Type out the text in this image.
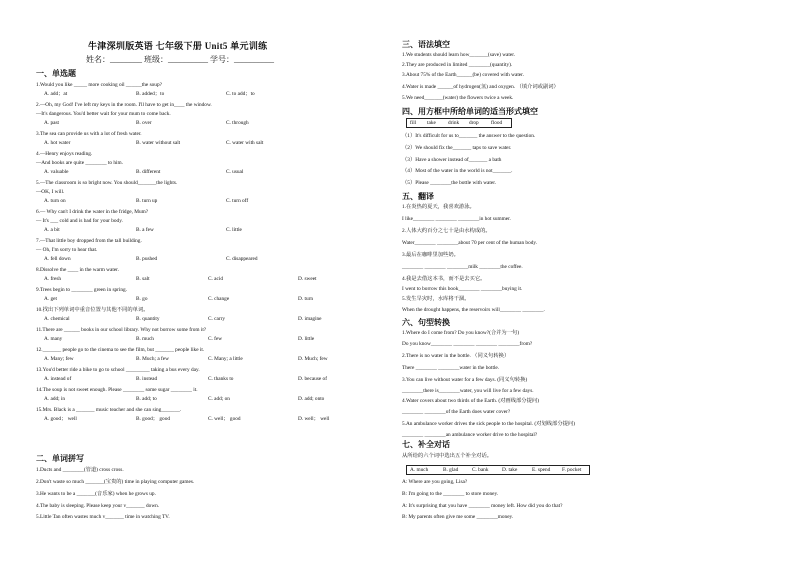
牛津深圳版英语 七年级下册 Unit5 单元训练
姓名：________ 班级：__________ 学号：__________
一、单选题
1.Would you like _____ more cooking oil ______the soup?
A. add；at	B. added；to	C. to add；to
2.—Oh, my God! I've left my keys in the room. I'll have to get in____ the window.
—It's dangerous. You'd better wait for your mum to come back.
A. past	B. over	C. through
3.The sea can provide us with a lot of fresh water.
A. hot water	B. water without salt	C. water with salt
4.—Henry enjoys reading.
—And books are quite ________ to him.
A. valuable	B. different	C. usual
5.—The classroom is so bright now. You should_______the lights.
—OK, I will.
A. turn on	B. turn up	C. turn off
6.— Why can't I drink the water in the fridge, Mum?
— It's ___ cold and is bad for your body.
A. a bit	B. a few	C. little
7.—That little boy dropped from the tall building.
— Oh, I'm sorry to hear that.
A. fell down	B. pushed	C. disappeared
8.Dissolve the ____ in the warm water.
A. fresh	B. salt	C. acid	D. sweet
9.Trees begin to ________ green in spring.
A. get	B. go	C. change	D. turn
10.找出下列单词中重音位置与其他不同的单词。
A. chemical	B. quantity	C. carry	D. imagine
11.There are ______ books in our school library. Why not borrow some from it?
A. many	B. much	C. few	D. little
12._______ people go to the cinema to see the film, but _______ people like it.
A. Many; few	B. Much; a few	C. Many; a little	D. Much; few
13.You'd better ride a bike to go to school _________ taking a bus every day.
A. instead of	B. instead	C. thanks to	D. because of
14.The soup is not sweet enough. Please ________ some sugar ________ it.
A. add; in	B. add; to	C. add; on	D. add; onto
15.Mrs. Black is a _______ music teacher and she can sing_______.
A. good； well	B. good； good	C. well； good	D. well； well
二、单词拼写
1.Ducts and ________(管道) cross cross.
2.Don't waste so much _______(宝贵的) time in playing computer games.
3.He wants to be a _______(音乐家) when he grows up.
4.The baby is sleeping. Please keep your v_______ down.
5.Little Tan often wastes much v_______ time in watching TV.
三、语法填空
1.We students should learn how_______(save) water.
2.They are produced in limited ________(quantity).
3.About 75% of the Earth______(be) covered with water.
4.Water is made ______of hydrogen(氢) and oxygen. （填介词或副词）
5.We need_______(water) the flowers twice a week.
四、用方框中所给单词的适当形式填空
fill take drink drop flood
（1）It's difficult for us to_______ the answer to the question.
（2）We should fix the_______ taps to save water.
（3）Have a shower instead of_______ a bath
（4）Most of the water in the world is not_______.
（5）Please ________the bottle with water.
五、翻译
1.在炎热的夏天，我喜欢游泳。
I like________ ________ ________in hot summer.
2.人体大约百分之七十是由水构成的。
Water________ ________about 70 per cent of the human body.
3.最后在咖啡里加些奶。
________ ________ ________milk ________the coffee.
4.我是去借这本书，而不是去买它。
I went to borrow this book________ ________buying it.
5.发生旱灾时，水库将干涸。
When the drought happens, the reservoirs will________ ________.
六、句型转换
1.Where do I come from? Do you know?(合并为一句)
Do you know________ ________ ________ ________from?
2.There is no water in the bottle. （同义句转换）
There ________ ________water in the bottle.
3.You can live without water for a few days. (同义句转换)
________there is________water, you will live for a few days.
4.Water covers about two thirds of the Earth. (对画线部分提问)
________ ________of the Earth does water cover?
5.An ambulance worker drives the sick people to the hospital. (对划线部分提问)
________ ________an ambulance worker drive to the hospital?
七、补全对话
从所给的六个词中选出五个补全对话。
A. much	B. glad	C. bank	D. take	E. spend F. pocket
A: Where are you going, Lisa?
B: I'm going to the ________ to store money.
A: It's surprising that you have ________ money left. How did you do that?
B: My parents often give me some ________money.
